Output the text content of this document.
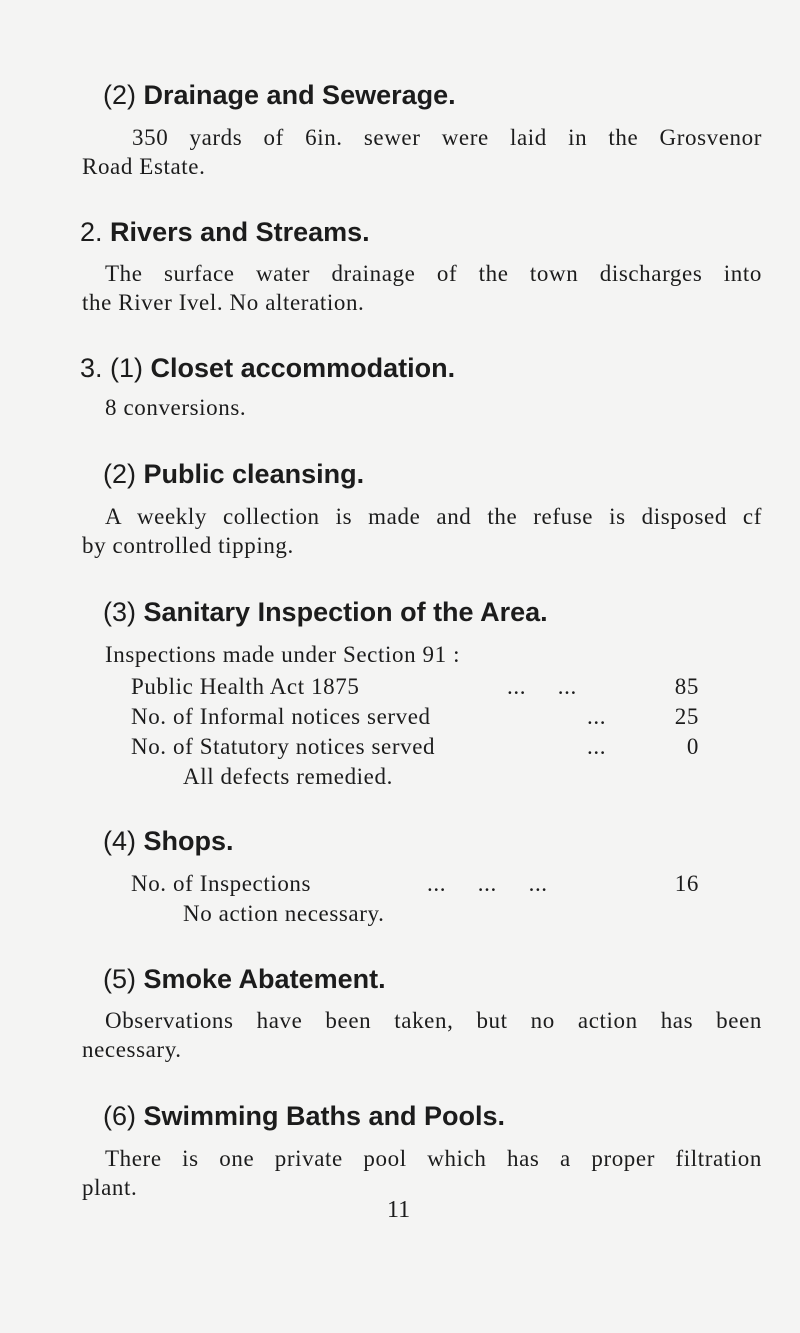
(2) Drainage and Sewerage.
350 yards of 6in. sewer were laid in the Grosvenor
Road Estate.
2. Rivers and Streams.
The surface water drainage of the town discharges into
the River Ivel. No alteration.
3. (1) Closet accommodation.
8 conversions.
(2) Public cleansing.
A weekly collection is made and the refuse is disposed cf
by controlled tipping.
(3) Sanitary Inspection of the Area.
Inspections made under Section 91 :
Public Health Act 1875	...     ...	85
No. of Informal notices served	...	25
No. of Statutory notices served	...	0
All defects remedied.
(4) Shops.
No. of Inspections	...     ...     ...	16
No action necessary.
(5) Smoke Abatement.
Observations have been taken, but no action has been
necessary.
(6) Swimming Baths and Pools.
There is one private pool which has a proper filtration
plant.
11
